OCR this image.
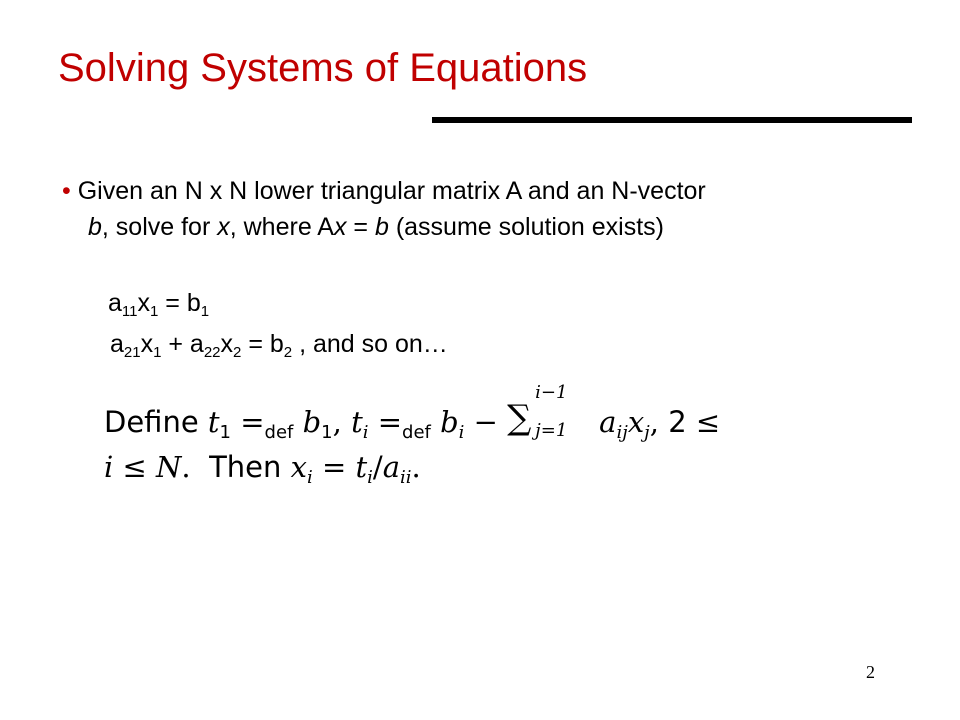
Solving Systems of Equations
• Given an N x N lower triangular matrix A and an N-vector
b, solve for x, where Ax = b (assume solution exists)
$a_{11}x_1 = b_1$
$a_{21}x_1 + a_{22}x_2 = b_2$ , and so on…
Define $t_1 =_{def}$ $b_1$, $t_i =_{def}$ $b_i$ − ∑
i−1
j=1 $a_{ij}x_j$, 2 ≤
i ≤ N. Then $x_i = t_i/a_{ii}$.
2
